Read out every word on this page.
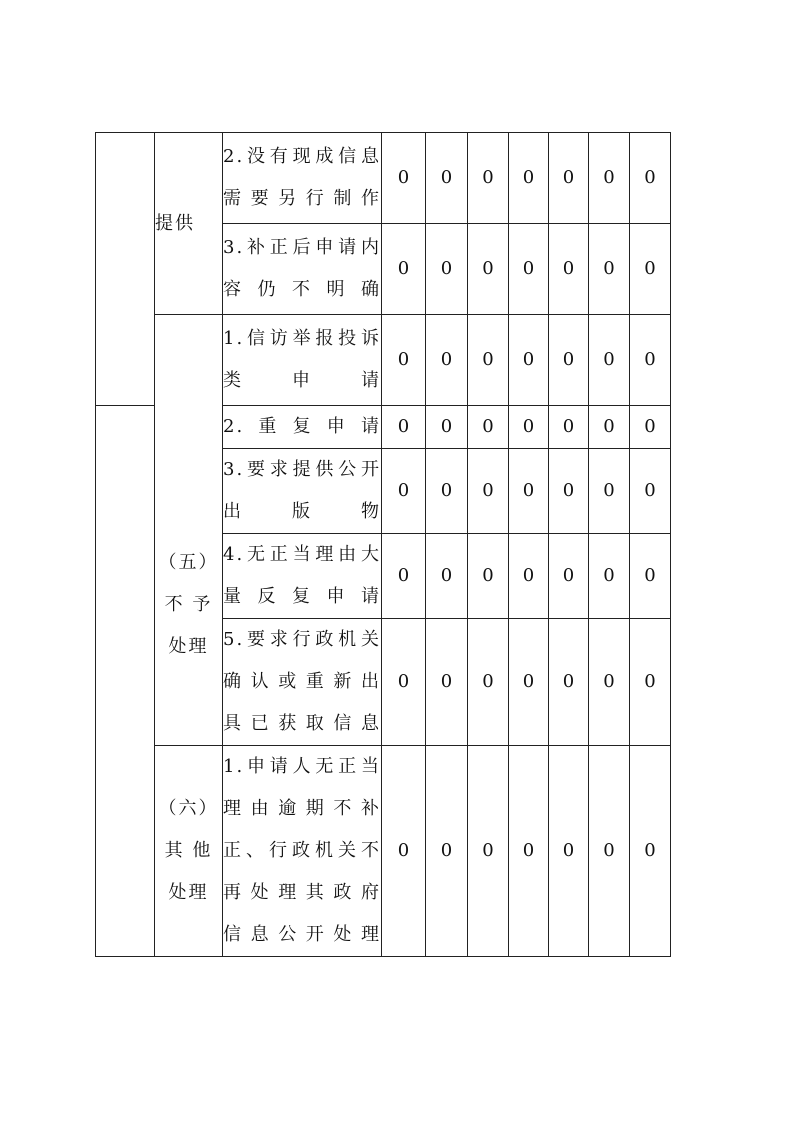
	提供	2.没有现成信息
需要另行制作	0	0	0	0	0	0	0
		3.补正后申请内
容仍不明确	0	0	0	0	0	0	0

	（五）
不 予
处理	1.信访举报投诉
类申请	0	0	0	0	0	0	0
		2.重复申请	0	0	0	0	0	0	0
		3.要求提供公开
出版物	0	0	0	0	0	0	0
		4.无正当理由大
量反复申请	0	0	0	0	0	0	0
		5.要求行政机关
确认或重新出
具已获取信息	0	0	0	0	0	0	0

	（六）
其 他
处理	1.申请人无正当
理由逾期不补
正、行政机关不
再处理其政府
信息公开处理	0	0	0	0	0	0	0
